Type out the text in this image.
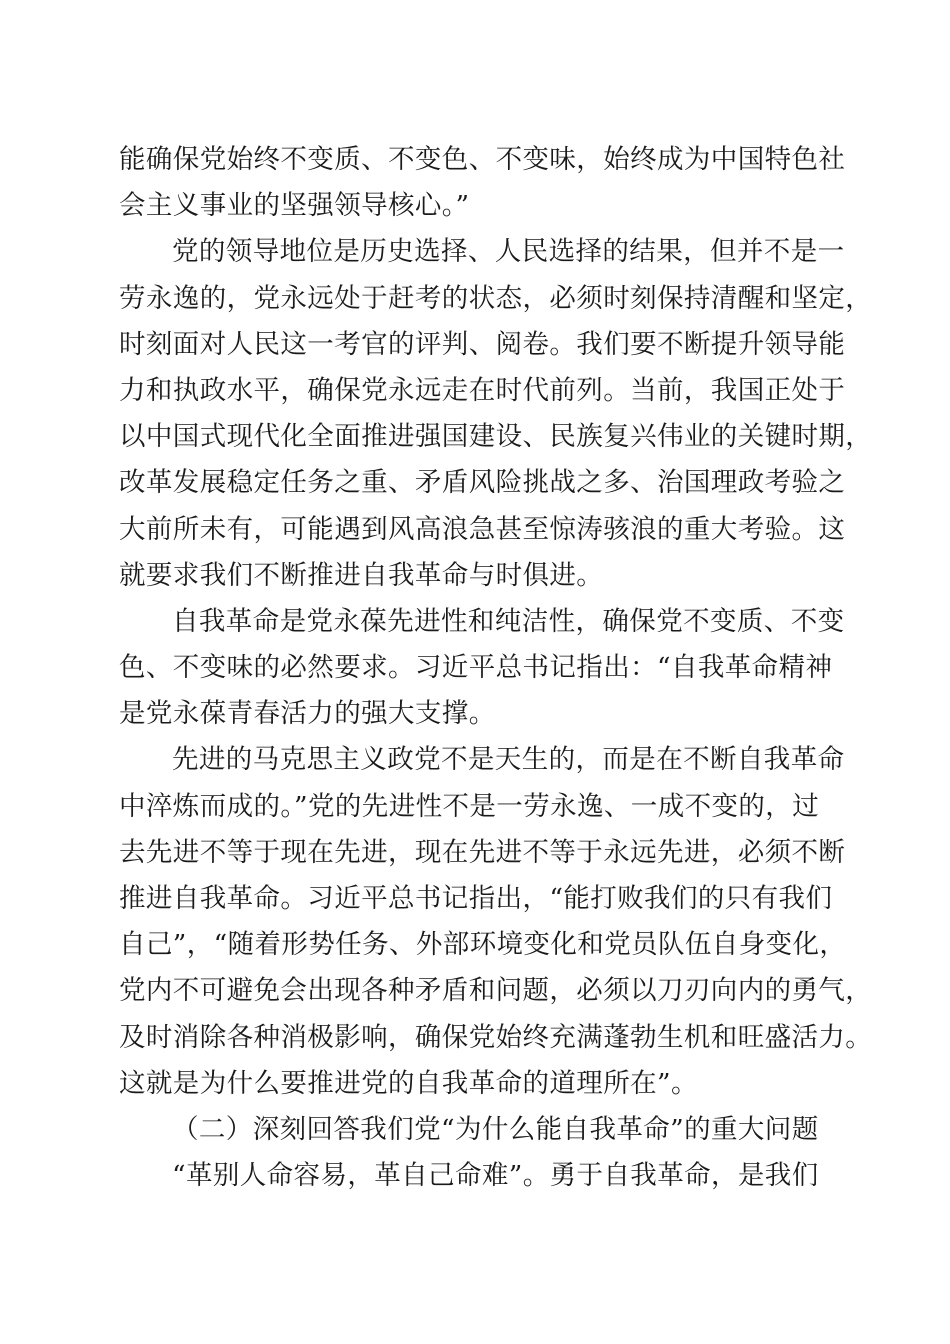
能确保党始终不变质、不变色、不变味，始终成为中国特色社
会主义事业的坚强领导核心。”
党的领导地位是历史选择、人民选择的结果，但并不是一
劳永逸的，党永远处于赶考的状态，必须时刻保持清醒和坚定，
时刻面对人民这一考官的评判、阅卷。我们要不断提升领导能
力和执政水平，确保党永远走在时代前列。当前，我国正处于
以中国式现代化全面推进强国建设、民族复兴伟业的关键时期，
改革发展稳定任务之重、矛盾风险挑战之多、治国理政考验之
大前所未有，可能遇到风高浪急甚至惊涛骇浪的重大考验。这
就要求我们不断推进自我革命与时俱进。
自我革命是党永葆先进性和纯洁性，确保党不变质、不变
色、不变味的必然要求。习近平总书记指出：“自我革命精神
是党永葆青春活力的强大支撑。
先进的马克思主义政党不是天生的，而是在不断自我革命
中淬炼而成的。”党的先进性不是一劳永逸、一成不变的，过
去先进不等于现在先进，现在先进不等于永远先进，必须不断
推进自我革命。习近平总书记指出，“能打败我们的只有我们
自己”，“随着形势任务、外部环境变化和党员队伍自身变化，
党内不可避免会出现各种矛盾和问题，必须以刀刃向内的勇气，
及时消除各种消极影响，确保党始终充满蓬勃生机和旺盛活力。
这就是为什么要推进党的自我革命的道理所在”。
（二）深刻回答我们党“为什么能自我革命”的重大问题
“革别人命容易，革自己命难”。勇于自我革命，是我们
